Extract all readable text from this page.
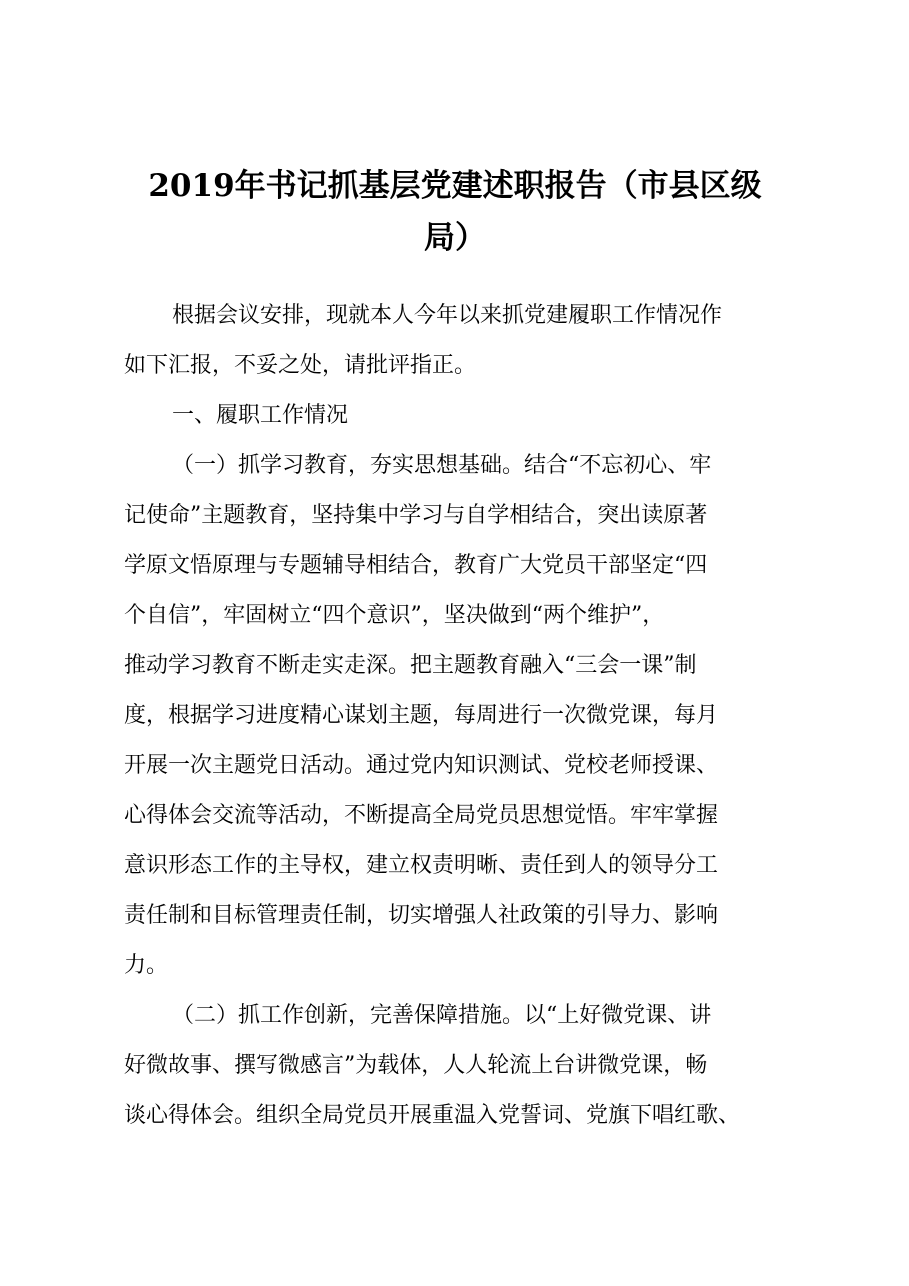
2019年书记抓基层党建述职报告（市县区级
局）
根据会议安排，现就本人今年以来抓党建履职工作情况作
如下汇报，不妥之处，请批评指正。
一、履职工作情况
（一）抓学习教育，夯实思想基础。结合“不忘初心、牢
记使命”主题教育，坚持集中学习与自学相结合，突出读原著
学原文悟原理与专题辅导相结合，教育广大党员干部坚定“四
个自信”，牢固树立“四个意识”，坚决做到“两个维护”，
推动学习教育不断走实走深。把主题教育融入“三会一课”制
度，根据学习进度精心谋划主题，每周进行一次微党课，每月
开展一次主题党日活动。通过党内知识测试、党校老师授课、
心得体会交流等活动，不断提高全局党员思想觉悟。牢牢掌握
意识形态工作的主导权，建立权责明晰、责任到人的领导分工
责任制和目标管理责任制，切实增强人社政策的引导力、影响
力。
（二）抓工作创新，完善保障措施。以“上好微党课、讲
好微故事、撰写微感言”为载体，人人轮流上台讲微党课，畅
谈心得体会。组织全局党员开展重温入党誓词、党旗下唱红歌、
